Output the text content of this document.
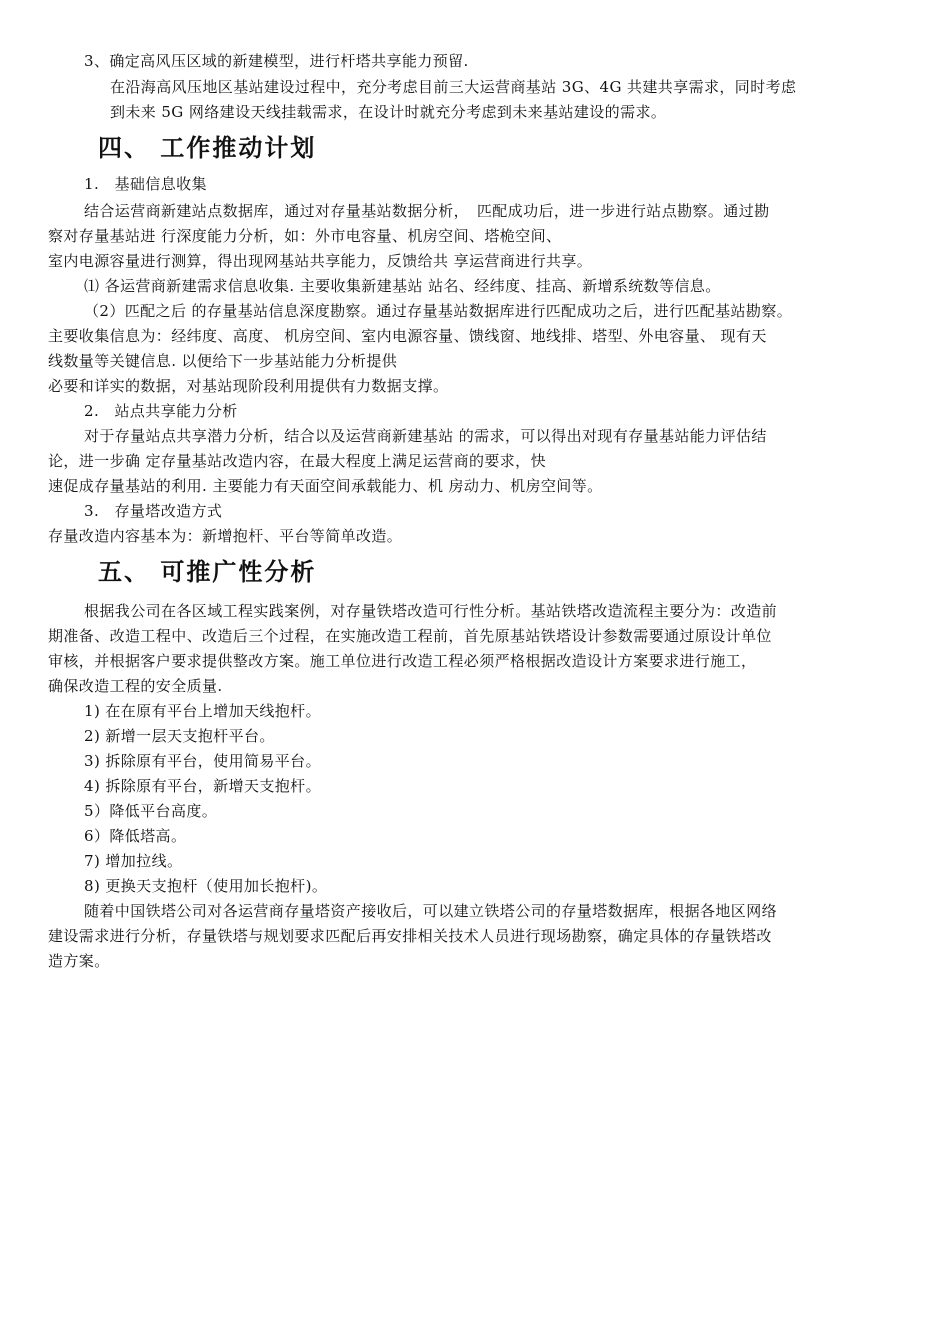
3、确定高风压区域的新建模型，进行杆塔共享能力预留.
在沿海高风压地区基站建设过程中，充分考虑目前三大运营商基站 3G、4G 共建共享需求，同时考虑
到未来 5G 网络建设天线挂载需求，在设计时就充分考虑到未来基站建设的需求。
四、 工作推动计划
1.　基础信息收集
结合运营商新建站点数据库，通过对存量基站数据分析，　匹配成功后，进一步进行站点勘察。通过勘
察对存量基站进 行深度能力分析，如：外市电容量、机房空间、塔桅空间、
室内电源容量进行测算，得出现网基站共享能力，反馈给共 享运营商进行共享。
⑴ 各运营商新建需求信息收集. 主要收集新建基站 站名、经纬度、挂高、新增系统数等信息。
（2）匹配之后 的存量基站信息深度勘察。通过存量基站数据库进行匹配成功之后，进行匹配基站勘察。
主要收集信息为：经纬度、高度、 机房空间、室内电源容量、馈线窗、地线排、塔型、外电容量、 现有天
线数量等关键信息. 以便给下一步基站能力分析提供
必要和详实的数据，对基站现阶段利用提供有力数据支撑。
2.　站点共享能力分析
对于存量站点共享潜力分析，结合以及运营商新建基站 的需求，可以得出对现有存量基站能力评估结
论，进一步确 定存量基站改造内容，在最大程度上满足运营商的要求，快
速促成存量基站的利用. 主要能力有天面空间承载能力、机 房动力、机房空间等。
3.　存量塔改造方式
存量改造内容基本为：新增抱杆、平台等简单改造。
五、 可推广性分析
根据我公司在各区域工程实践案例，对存量铁塔改造可行性分析。基站铁塔改造流程主要分为：改造前
期准备、改造工程中、改造后三个过程，在实施改造工程前，首先原基站铁塔设计参数需要通过原设计单位
审核，并根据客户要求提供整改方案。施工单位进行改造工程必须严格根据改造设计方案要求进行施工，
确保改造工程的安全质量.
1) 在在原有平台上增加天线抱杆。
2) 新增一层天支抱杆平台。
3) 拆除原有平台，使用简易平台。
4) 拆除原有平台，新增天支抱杆。
5）降低平台高度。
6）降低塔高。
7) 增加拉线。
8) 更换天支抱杆（使用加长抱杆)。
随着中国铁塔公司对各运营商存量塔资产接收后，可以建立铁塔公司的存量塔数据库，根据各地区网络
建设需求进行分析，存量铁塔与规划要求匹配后再安排相关技术人员进行现场勘察，确定具体的存量铁塔改
造方案。
